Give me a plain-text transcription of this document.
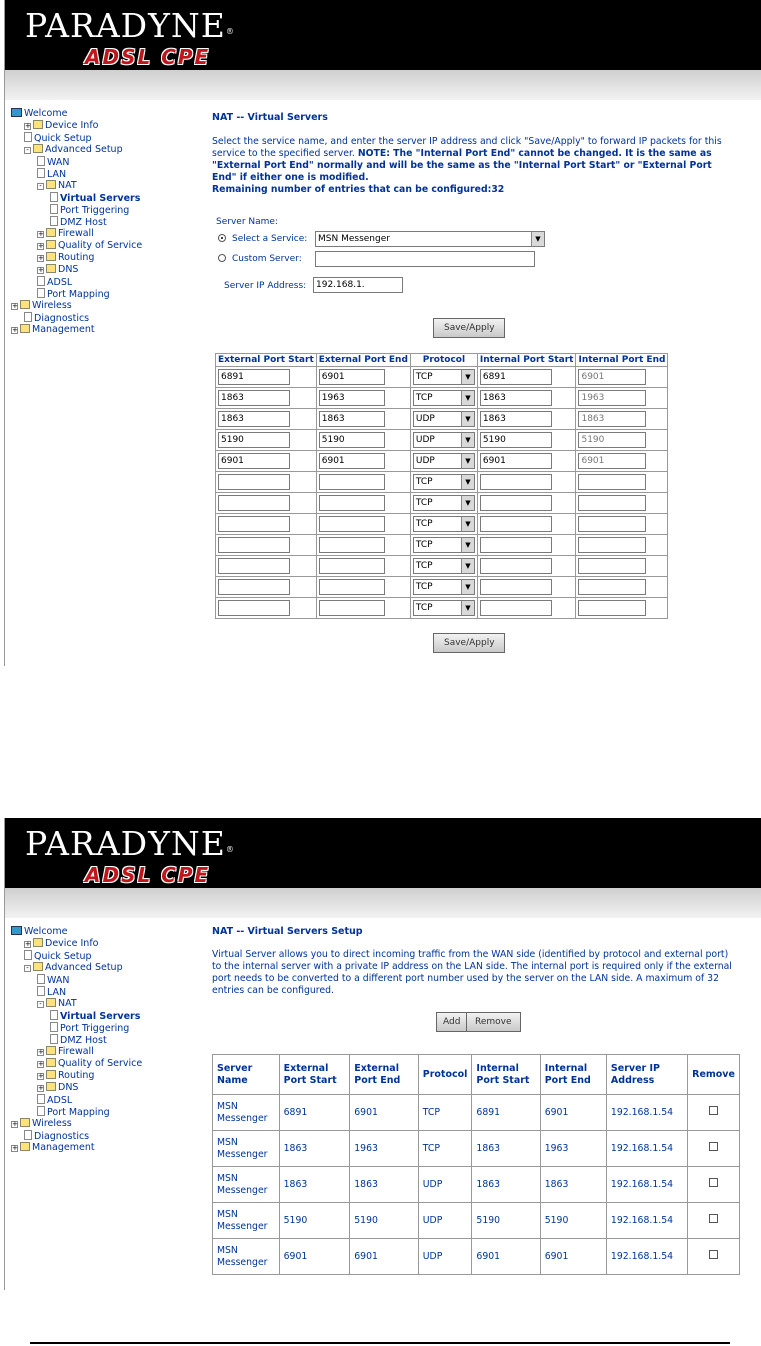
PARADYNE®
ADSL CPE
Welcome
+ Device Info
Quick Setup
- Advanced Setup
WAN
LAN
- NAT
Virtual Servers
Port Triggering
DMZ Host
+ Firewall
+ Quality of Service
+ Routing
+ DNS
ADSL
Port Mapping
+ Wireless
Diagnostics
+ Management
NAT -- Virtual Servers
Select the service name, and enter the server IP address and click "Save/Apply" to forward IP packets for this service to the specified server. NOTE: The "Internal Port End" cannot be changed. It is the same as "External Port End" normally and will be the same as the "Internal Port Start" or "External Port End" if either one is modified.
Remaining number of entries that can be configured:32
Server Name:
Select a Service:	MSN Messenger	▼
Custom Server:
Server IP Address:	192.168.1.
Save/Apply
External Port Start	External Port End	Protocol	Internal Port Start	Internal Port End
6891	6901	TCP ▼	6891	6901
1863	1963	TCP ▼	1863	1963
1863	1863	UDP ▼	1863	1863
5190	5190	UDP ▼	5190	5190
6901	6901	UDP ▼	6901	6901
		TCP ▼		

		TCP ▼		

		TCP ▼		

		TCP ▼		

		TCP ▼		

		TCP ▼		

		TCP ▼		

Save/Apply
PARADYNE®
ADSL CPE
Welcome
+ Device Info
Quick Setup
- Advanced Setup
WAN
LAN
- NAT
Virtual Servers
Port Triggering
DMZ Host
+ Firewall
+ Quality of Service
+ Routing
+ DNS
ADSL
Port Mapping
+ Wireless
Diagnostics
+ Management
NAT -- Virtual Servers Setup
Virtual Server allows you to direct incoming traffic from the WAN side (identified by protocol and external port) to the internal server with a private IP address on the LAN side. The internal port is required only if the external port needs to be converted to a different port number used by the server on the LAN side. A maximum of 32 entries can be configured.
Add	Remove
Server Name	External Port Start	External Port End	Protocol	Internal Port Start	Internal Port End	Server IP Address	Remove
MSN Messenger	6891	6901	TCP	6891	6901	192.168.1.54	
MSN Messenger	1863	1963	TCP	1863	1963	192.168.1.54	
MSN Messenger	1863	1863	UDP	1863	1863	192.168.1.54	
MSN Messenger	5190	5190	UDP	5190	5190	192.168.1.54	
MSN Messenger	6901	6901	UDP	6901	6901	192.168.1.54	
